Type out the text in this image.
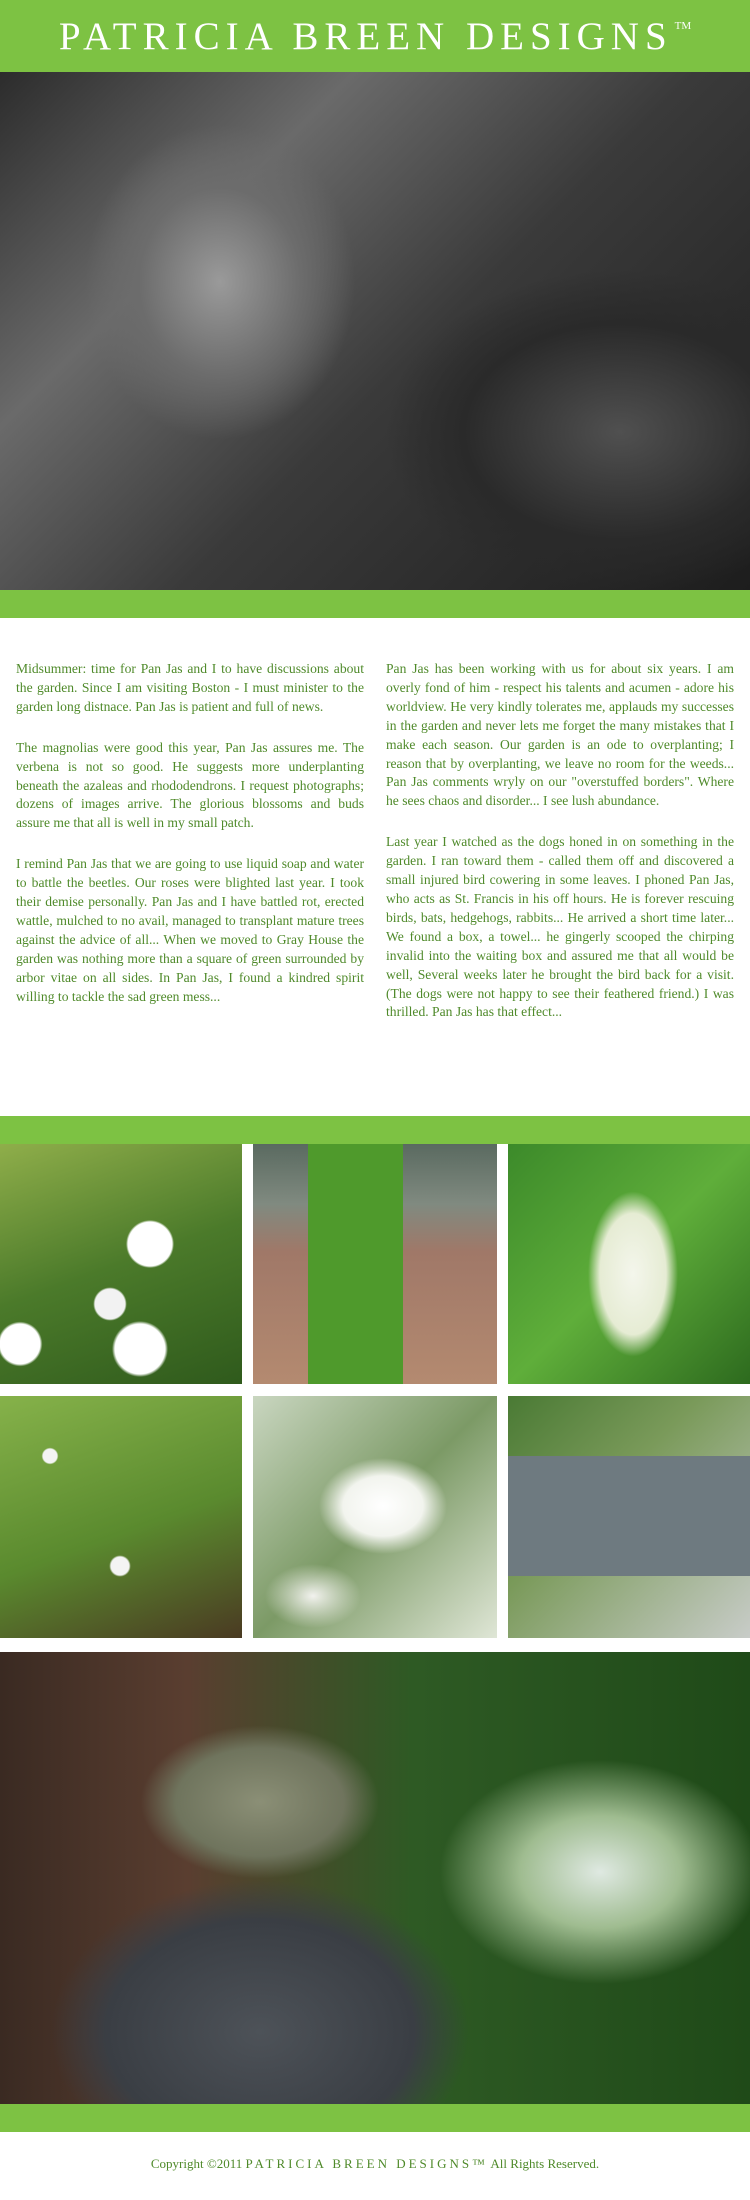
PATRICIA BREEN DESIGNS ™

Midsummer: time for Pan Jas and I to have discussions about the garden. Since I am visiting Boston - I must minister to the garden long distnace. Pan Jas is patient and full of news.

The magnolias were good this year, Pan Jas assures me. The verbena is not so good. He suggests more underplanting beneath the azaleas and rhododendrons. I request photographs; dozens of images arrive. The glorious blossoms and buds assure me that all is well in my small patch.

I remind Pan Jas that we are going to use liquid soap and water to battle the beetles. Our roses were blighted last year. I took their demise personally. Pan Jas and I have battled rot, erected wattle, mulched to no avail, managed to transplant mature trees against the advice of all... When we moved to Gray House the garden was nothing more than a square of green surrounded by arbor vitae on all sides. In Pan Jas, I found a kindred spirit willing to tackle the sad green mess...

Pan Jas has been working with us for about six years. I am overly fond of him - respect his talents and acumen - adore his worldview. He very kindly tolerates me, applauds my successes in the garden and never lets me forget the many mistakes that I make each season. Our garden is an ode to overplanting; I reason that by overplanting, we leave no room for the weeds... Pan Jas comments wryly on our "overstuffed borders". Where he sees chaos and disorder... I see lush abundance.

Last year I watched as the dogs honed in on something in the garden. I ran toward them - called them off and discovered a small injured bird cowering in some leaves. I phoned Pan Jas, who acts as St. Francis in his off hours. He is forever rescuing birds, bats, hedgehogs, rabbits... He arrived a short time later... We found a box, a towel... he gingerly scooped the chirping invalid into the waiting box and assured me that all would be well, Several weeks later he brought the bird back for a visit. (The dogs were not happy to see their feathered friend.) I was thrilled. Pan Jas has that effect...

Copyright ©2011 PATRICIA BREEN DESIGNS™ All Rights Reserved.
